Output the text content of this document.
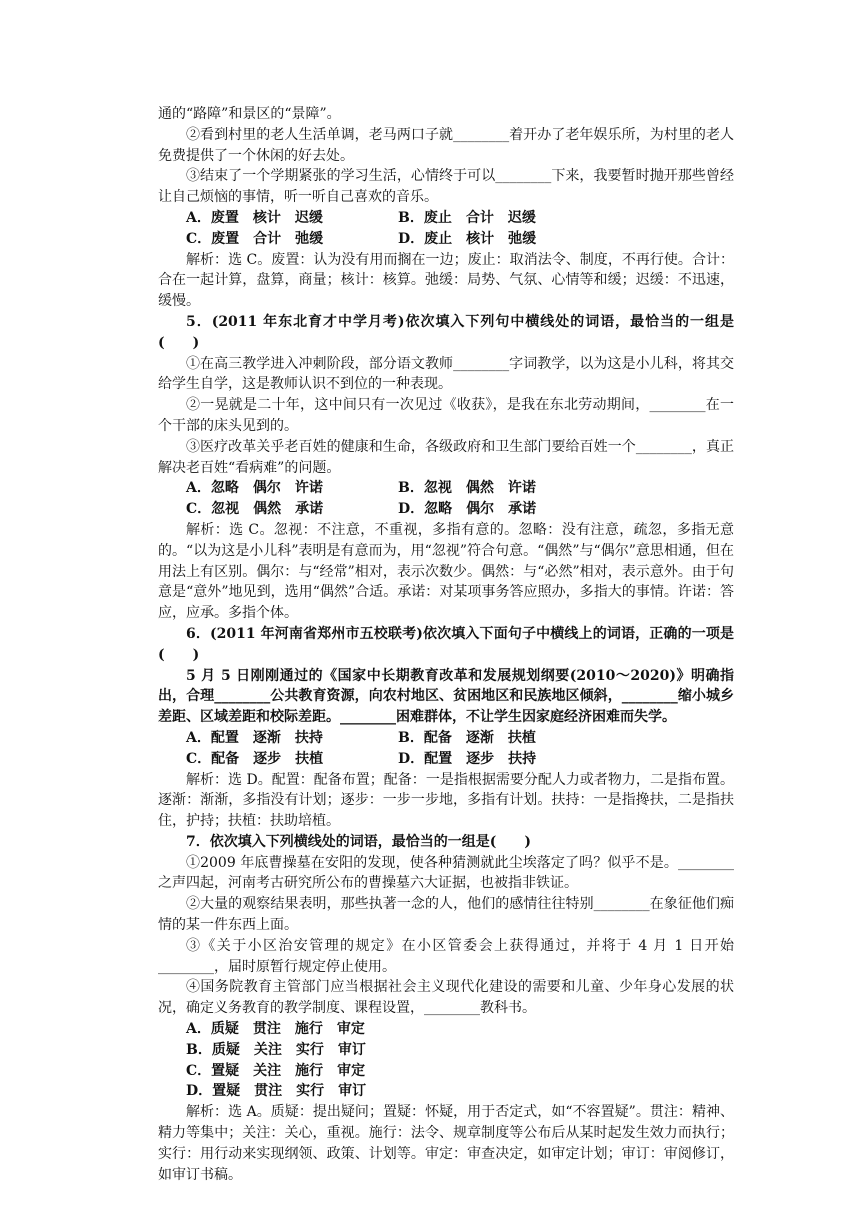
通的“路障”和景区的“景障”。

②看到村里的老人生活单调，老马两口子就________着开办了老年娱乐所，为村里的老人免费提供了一个休闲的好去处。

③结束了一个学期紧张的学习生活，心情终于可以________下来，我要暂时抛开那些曾经让自己烦恼的事情，听一听自己喜欢的音乐。

A．废置　核计　迟缓	B．废止　合计　迟缓
C．废置　合计　弛缓	D．废止　核计　弛缓

解析：选 C。废置：认为没有用而搁在一边；废止：取消法令、制度，不再行使。合计：合在一起计算，盘算，商量；核计：核算。弛缓：局势、气氛、心情等和缓；迟缓：不迅速，缓慢。

5．(2011 年东北育才中学月考)依次填入下列句中横线处的词语，最恰当的一组是(　　)

①在高三教学进入冲刺阶段，部分语文教师________字词教学，以为这是小儿科，将其交给学生自学，这是教师认识不到位的一种表现。

②一晃就是二十年，这中间只有一次见过《收获》，是我在东北劳动期间，________在一个干部的床头见到的。

③医疗改革关乎老百姓的健康和生命，各级政府和卫生部门要给百姓一个________，真正解决老百姓“看病难”的问题。

A．忽略　偶尔　许诺	B．忽视　偶然　许诺
C．忽视　偶然　承诺	D．忽略　偶尔　承诺

解析：选 C。忽视：不注意，不重视，多指有意的。忽略：没有注意，疏忽，多指无意的。“以为这是小儿科”表明是有意而为，用“忽视”符合句意。“偶然”与“偶尔”意思相通，但在用法上有区别。偶尔：与“经常”相对，表示次数少。偶然：与“必然”相对，表示意外。由于句意是“意外”地见到，选用“偶然”合适。承诺：对某项事务答应照办，多指大的事情。许诺：答应，应承。多指个体。

6．(2011 年河南省郑州市五校联考)依次填入下面句子中横线上的词语，正确的一项是(　　)

5 月 5 日刚刚通过的《国家中长期教育改革和发展规划纲要(2010～2020)》明确指出，合理________公共教育资源，向农村地区、贫困地区和民族地区倾斜，________缩小城乡差距、区域差距和校际差距。________困难群体，不让学生因家庭经济困难而失学。

A．配置　逐渐　扶持	B．配备　逐渐　扶植
C．配备　逐步　扶植	D．配置　逐步　扶持

解析：选 D。配置：配备布置；配备：一是指根据需要分配人力或者物力，二是指布置。逐渐：渐渐，多指没有计划；逐步：一步一步地，多指有计划。扶持：一是指搀扶，二是指扶住，护持；扶植：扶助培植。

7．依次填入下列横线处的词语，最恰当的一组是(　　)

①2009 年底曹操墓在安阳的发现，使各种猜测就此尘埃落定了吗？似乎不是。________之声四起，河南考古研究所公布的曹操墓六大证据，也被指非铁证。

②大量的观察结果表明，那些执著一念的人，他们的感情往往特别________在象征他们痴情的某一件东西上面。

③《关于小区治安管理的规定》在小区管委会上获得通过，并将于 4 月 1 日开始________，届时原暂行规定停止使用。

④国务院教育主管部门应当根据社会主义现代化建设的需要和儿童、少年身心发展的状况，确定义务教育的教学制度、课程设置，________教科书。

A．质疑　贯注　施行　审定
B．质疑　关注　实行　审订
C．置疑　关注　施行　审定
D．置疑　贯注　实行　审订

解析：选 A。质疑：提出疑问；置疑：怀疑，用于否定式，如“不容置疑”。贯注：精神、精力等集中；关注：关心，重视。施行：法令、规章制度等公布后从某时起发生效力而执行；实行：用行动来实现纲领、政策、计划等。审定：审查决定，如审定计划；审订：审阅修订，如审订书稿。
